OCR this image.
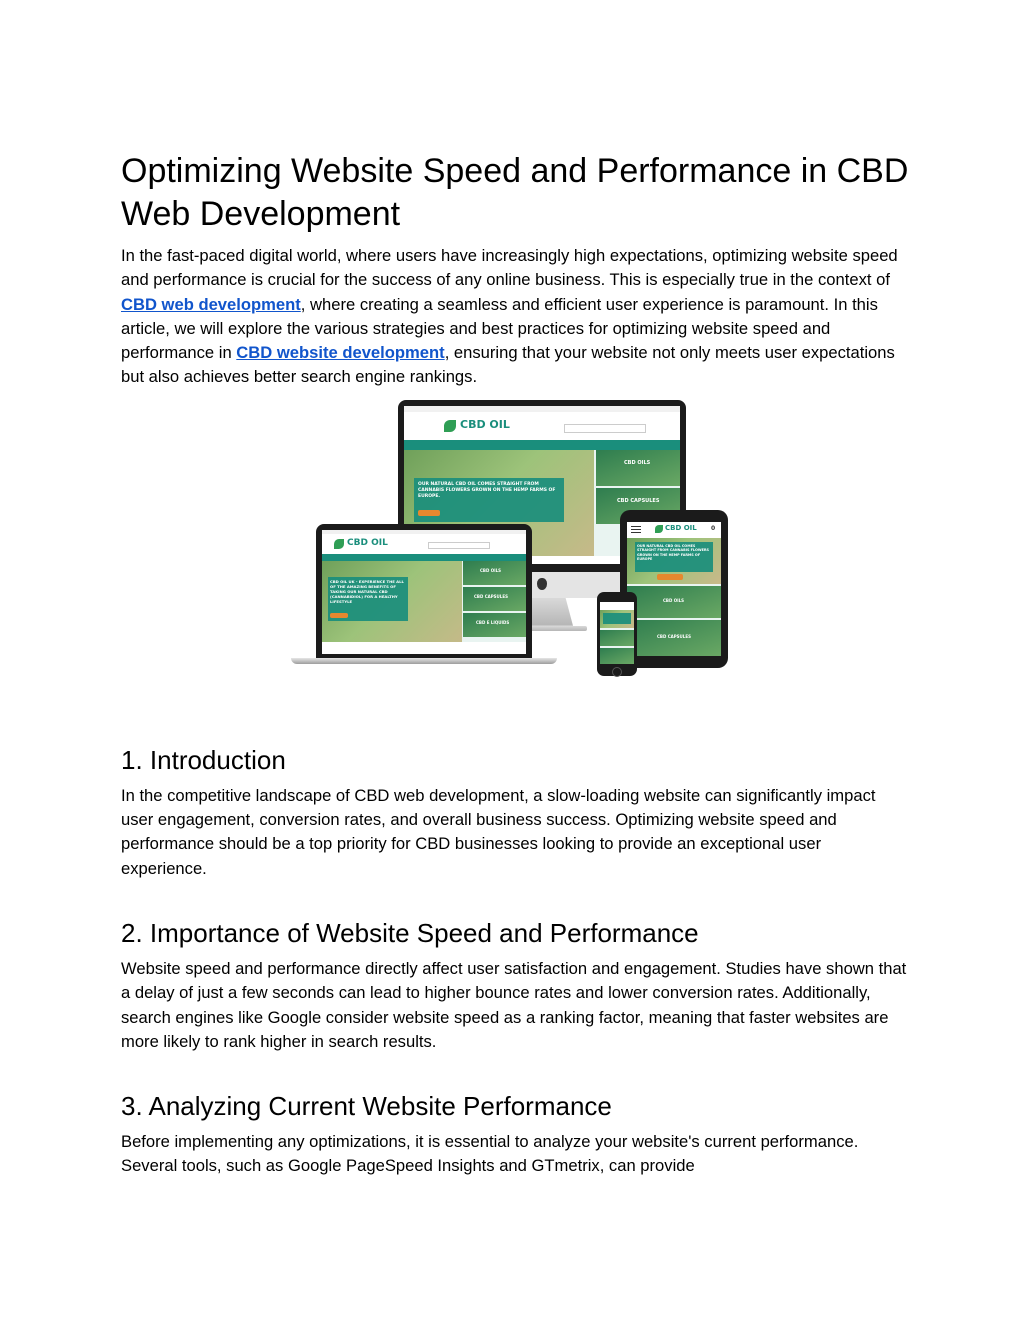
Optimizing Website Speed and Performance in CBD Web Development

In the fast-paced digital world, where users have increasingly high expectations, optimizing website speed and performance is crucial for the success of any online business. This is especially true in the context of CBD web development, where creating a seamless and efficient user experience is paramount. In this article, we will explore the various strategies and best practices for optimizing website speed and performance in CBD website development, ensuring that your website not only meets user expectations but also achieves better search engine rankings.

CBD OIL
OUR NATURAL CBD OIL COMES STRAIGHT FROM CANNABIS FLOWERS GROWN ON THE HEMP FARMS OF EUROPE.
CBD OILS
CBD CAPSULES
CBD OIL
CBD OIL UK - EXPERIENCE THE ALL OF THE AMAZING BENEFITS OF TAKING OUR NATURAL CBD (CANNABIDIOL) FOR A HEALTHY LIFESTYLE
CBD OILS
CBD CAPSULES
CBD E LIQUIDS
CBD OIL 0
OUR NATURAL CBD OIL COMES STRAIGHT FROM CANNABIS FLOWERS GROWN ON THE HEMP FARMS OF EUROPE
CBD OILS
CBD CAPSULES
1. Introduction

In the competitive landscape of CBD web development, a slow-loading website can significantly impact user engagement, conversion rates, and overall business success. Optimizing website speed and performance should be a top priority for CBD businesses looking to provide an exceptional user experience.

2. Importance of Website Speed and Performance

Website speed and performance directly affect user satisfaction and engagement. Studies have shown that a delay of just a few seconds can lead to higher bounce rates and lower conversion rates. Additionally, search engines like Google consider website speed as a ranking factor, meaning that faster websites are more likely to rank higher in search results.

3. Analyzing Current Website Performance

Before implementing any optimizations, it is essential to analyze your website's current performance. Several tools, such as Google PageSpeed Insights and GTmetrix, can provide
